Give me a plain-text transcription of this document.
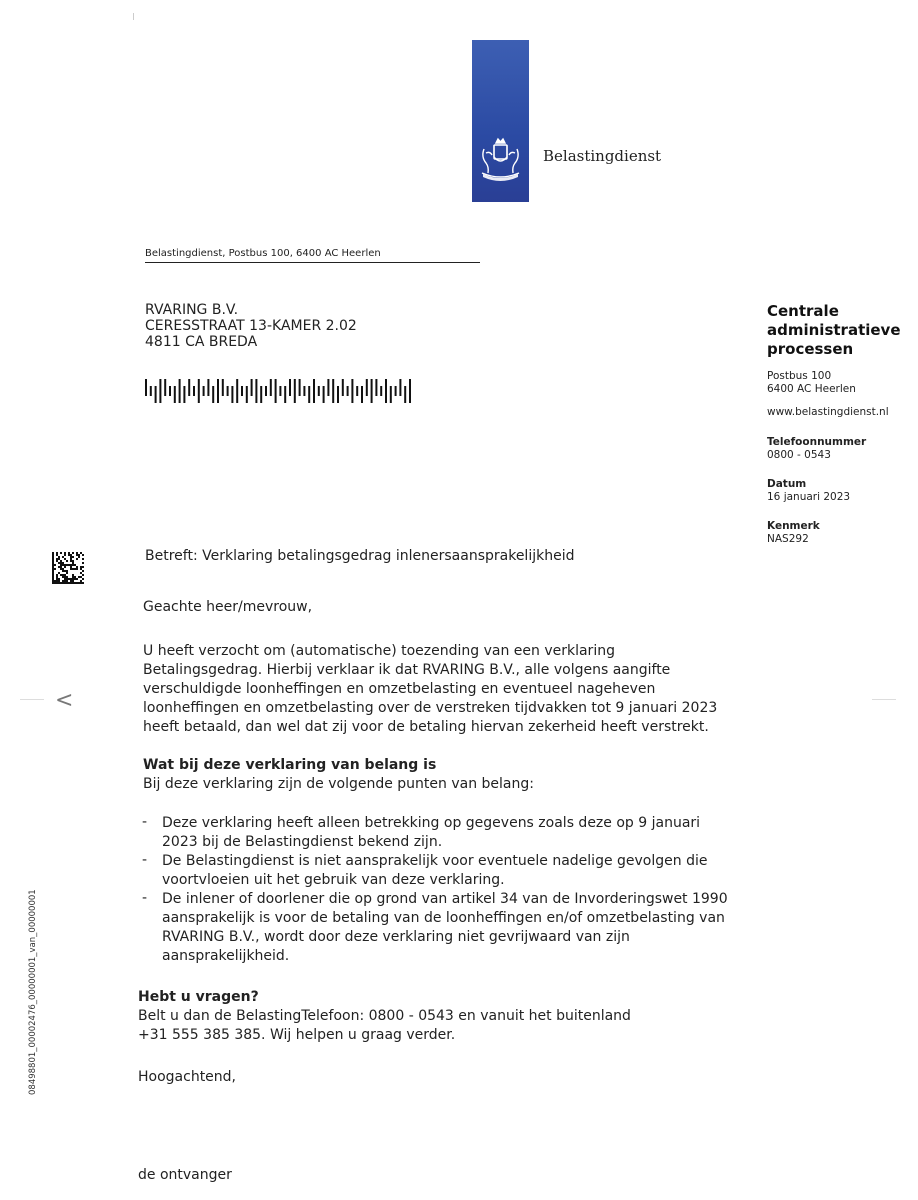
Belastingdienst
Belastingdienst, Postbus 100, 6400 AC Heerlen
RVARING B.V.
CERESSTRAAT 13-KAMER 2.02
4811 CA BREDA
Centrale
administratieve
processen
Postbus 100
6400 AC Heerlen
www.belastingdienst.nl
Telefoonnummer
0800 - 0543
Datum
16 januari 2023
Kenmerk
NAS292
Betreft: Verklaring betalingsgedrag inlenersaansprakelijkheid
Geachte heer/mevrouw,
U heeft verzocht om (automatische) toezending van een verklaring
Betalingsgedrag. Hierbij verklaar ik dat RVARING B.V., alle volgens aangifte
verschuldigde loonheffingen en omzetbelasting en eventueel nageheven
loonheffingen en omzetbelasting over de verstreken tijdvakken tot 9 januari 2023
heeft betaald, dan wel dat zij voor de betaling hiervan zekerheid heeft verstrekt.
Wat bij deze verklaring van belang is
Bij deze verklaring zijn de volgende punten van belang:
- Deze verklaring heeft alleen betrekking op gegevens zoals deze op 9 januari
2023 bij de Belastingdienst bekend zijn.
- De Belastingdienst is niet aansprakelijk voor eventuele nadelige gevolgen die
voortvloeien uit het gebruik van deze verklaring.
- De inlener of doorlener die op grond van artikel 34 van de Invorderingswet 1990
aansprakelijk is voor de betaling van de loonheffingen en/of omzetbelasting van
RVARING B.V., wordt door deze verklaring niet gevrijwaard van zijn
aansprakelijkheid.
Hebt u vragen?
Belt u dan de BelastingTelefoon: 0800 - 0543 en vanuit het buitenland
+31 555 385 385. Wij helpen u graag verder.
Hoogachtend,
de ontvanger
08498801_00002476_00000001_van_00000001
<
